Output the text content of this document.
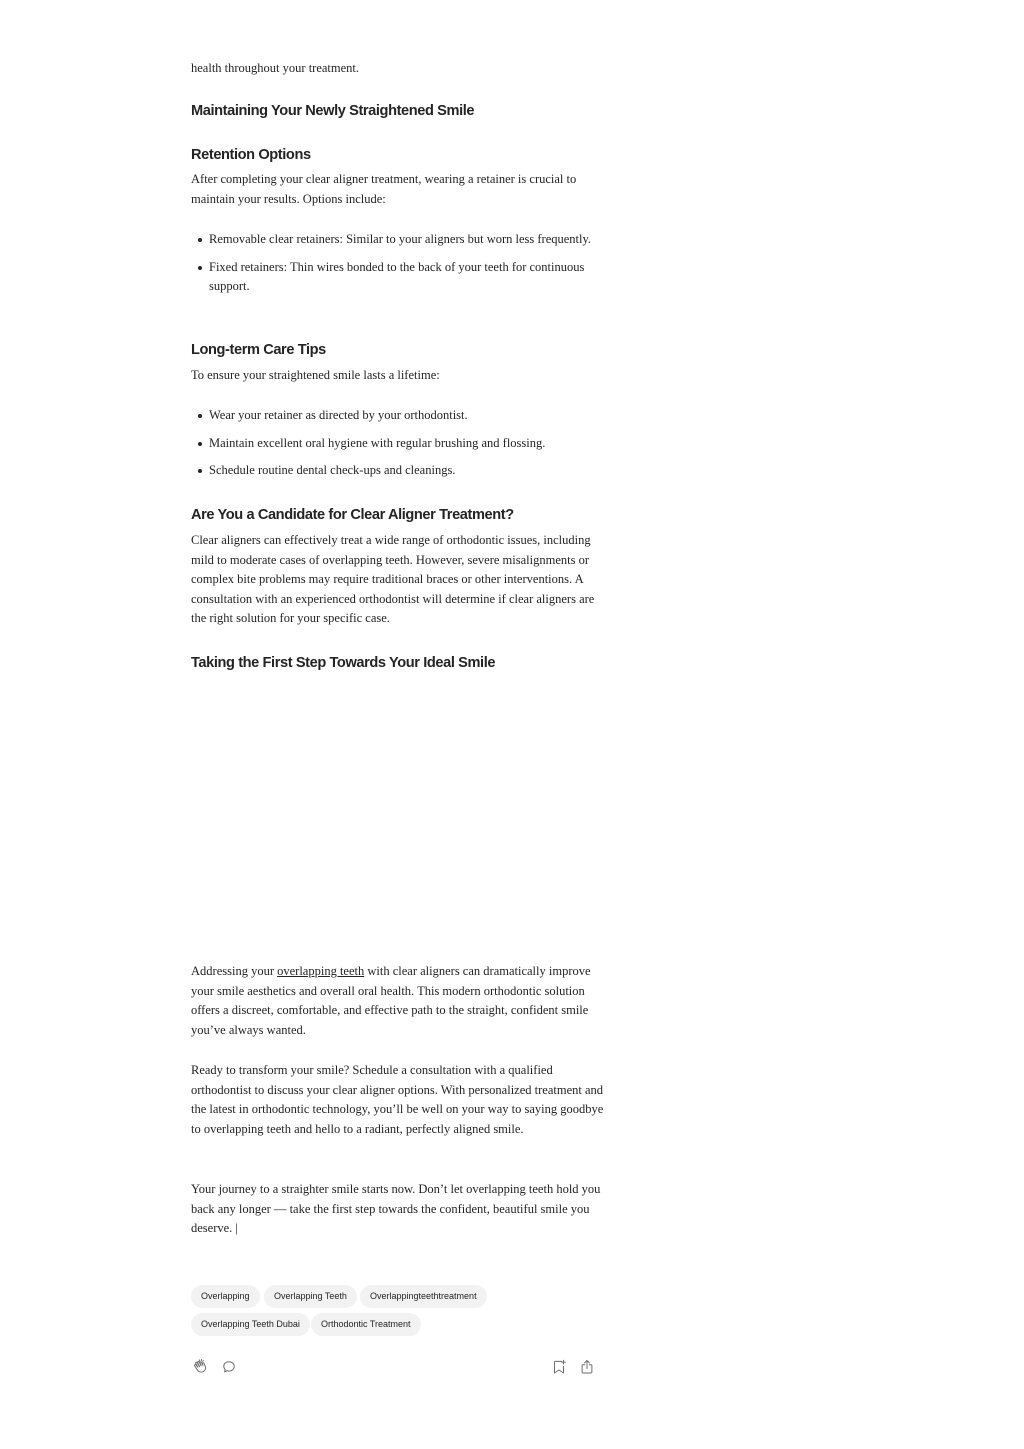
health throughout your treatment.

Maintaining Your Newly Straightened Smile
Retention Options

After completing your clear aligner treatment, wearing a retainer is crucial to maintain your results. Options include:

Removable clear retainers: Similar to your aligners but worn less frequently.
Fixed retainers: Thin wires bonded to the back of your teeth for continuous support.
Long-term Care Tips

To ensure your straightened smile lasts a lifetime:

Wear your retainer as directed by your orthodontist.
Maintain excellent oral hygiene with regular brushing and flossing.
Schedule routine dental check-ups and cleanings.
Are You a Candidate for Clear Aligner Treatment?

Clear aligners can effectively treat a wide range of orthodontic issues, including mild to moderate cases of overlapping teeth. However, severe misalignments or complex bite problems may require traditional braces or other interventions. A consultation with an experienced orthodontist will determine if clear aligners are the right solution for your specific case.

Taking the First Step Towards Your Ideal Smile

Addressing your overlapping teeth with clear aligners can dramatically improve your smile aesthetics and overall oral health. This modern orthodontic solution offers a discreet, comfortable, and effective path to the straight, confident smile you’ve always wanted.

Ready to transform your smile? Schedule a consultation with a qualified orthodontist to discuss your clear aligner options. With personalized treatment and the latest in orthodontic technology, you’ll be well on your way to saying goodbye to overlapping teeth and hello to a radiant, perfectly aligned smile.

Your journey to a straighter smile starts now. Don’t let overlapping teeth hold you back any longer — take the first step towards the confident, beautiful smile you deserve. |

Overlapping	Overlapping Teeth	Overlappingteethtreatment
Overlapping Teeth Dubai	Orthodontic Treatment
